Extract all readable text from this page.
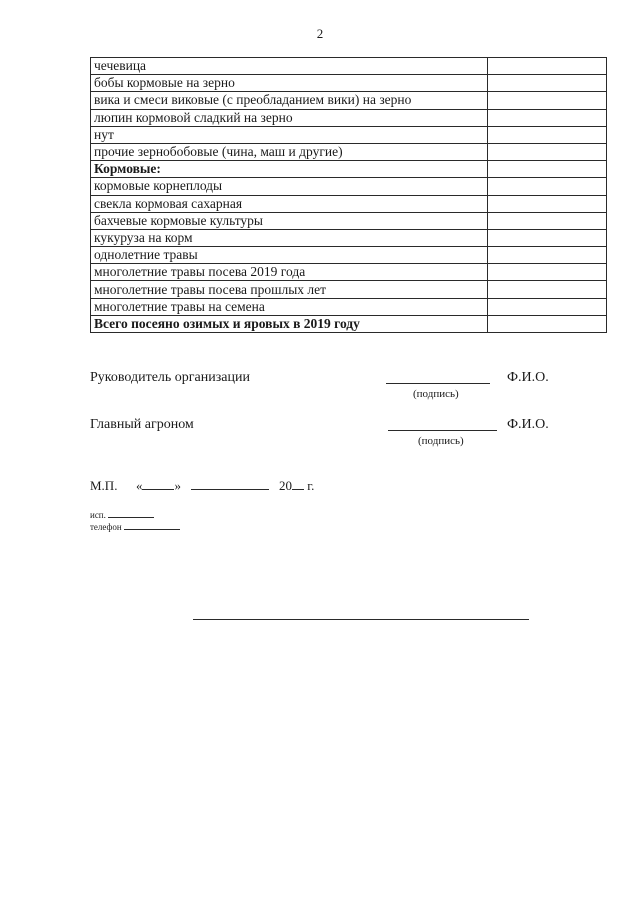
2
чечевица	
бобы кормовые на зерно	
вика и смеси виковые (с преобладанием вики) на зерно	
люпин кормовой сладкий на зерно	
нут	
прочие зернобобовые (чина, маш и другие)	
Кормовые:	
кормовые корнеплоды	
свекла кормовая сахарная	
бахчевые кормовые культуры	
кукуруза на корм	
однолетние травы	
многолетние травы посева 2019 года	
многолетние травы посева прошлых лет	
многолетние травы на семена	
Всего посеяно озимых и яровых в 2019 году	
Руководитель организации
(подпись)
Ф.И.О.
Главный агроном
(подпись)
Ф.И.О.
М.П. « »	20 г.
исп.
телефон
